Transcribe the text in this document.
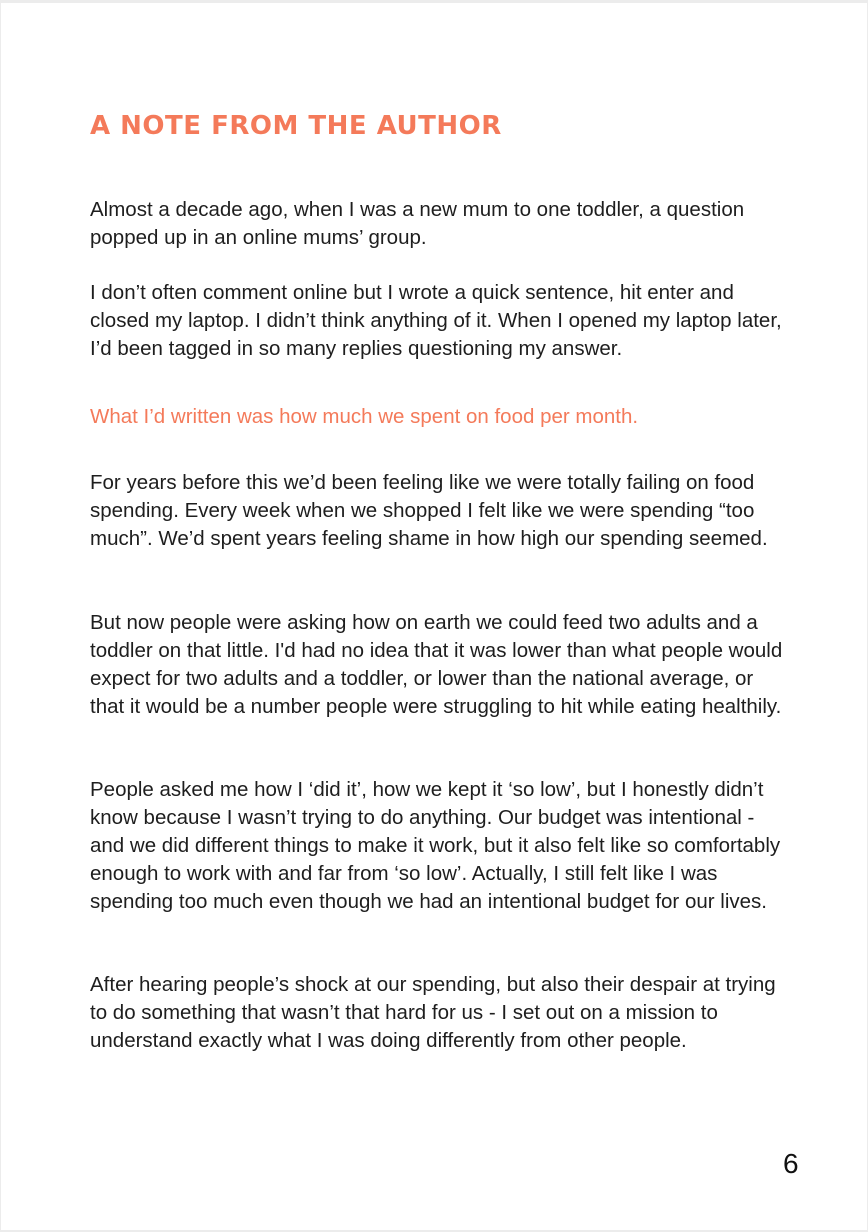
A NOTE FROM THE AUTHOR

Almost a decade ago, when I was a new mum to one toddler, a question popped up in an online mums’ group.

I don’t often comment online but I wrote a quick sentence, hit enter and closed my laptop. I didn’t think anything of it. When I opened my laptop later, I’d been tagged in so many replies questioning my answer.

What I’d written was how much we spent on food per month.

For years before this we’d been feeling like we were totally failing on food spending. Every week when we shopped I felt like we were spending “too much”. We’d spent years feeling shame in how high our spending seemed.

But now people were asking how on earth we could feed two adults and a toddler on that little. I'd had no idea that it was lower than what people would expect for two adults and a toddler, or lower than the national average, or that it would be a number people were struggling to hit while eating healthily.

People asked me how I ‘did it’, how we kept it ‘so low’, but I honestly didn’t know because I wasn’t trying to do anything. Our budget was intentional - and we did different things to make it work, but it also felt like so comfortably enough to work with and far from ‘so low’. Actually, I still felt like I was spending too much even though we had an intentional budget for our lives.

After hearing people’s shock at our spending, but also their despair at trying to do something that wasn’t that hard for us - I set out on a mission to understand exactly what I was doing differently from other people.

6
